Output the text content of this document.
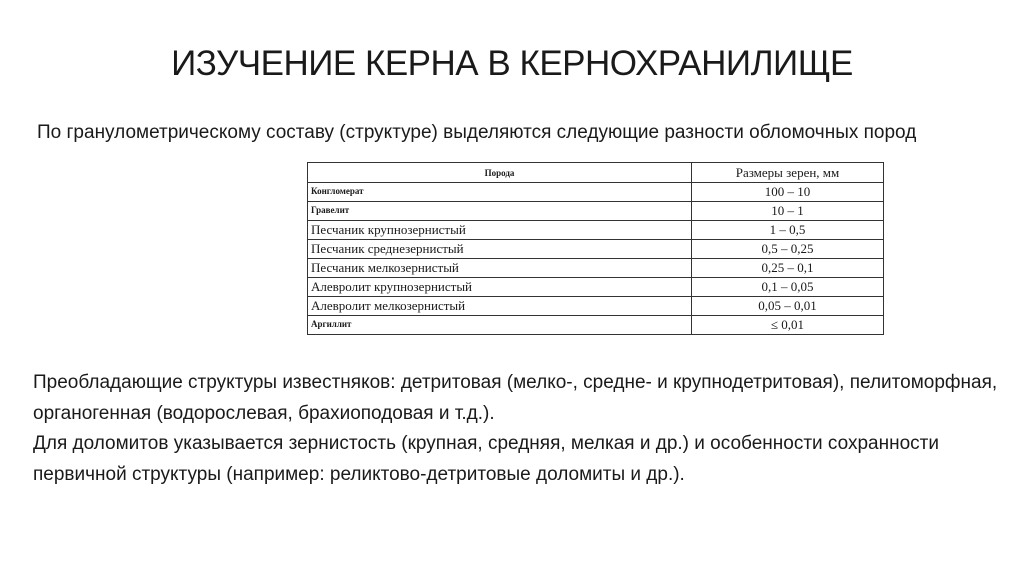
ИЗУЧЕНИЕ КЕРНА В КЕРНОХРАНИЛИЩЕ
По гранулометрическому составу (структуре) выделяются следующие разности обломочных пород
Порода	Размеры зерен, мм
Конгломерат	100 – 10
Гравелит	10 – 1
Песчаник крупнозернистый	1 – 0,5
Песчаник среднезернистый	0,5 – 0,25
Песчаник мелкозернистый	0,25 – 0,1
Алевролит крупнозернистый	0,1 – 0,05
Алевролит мелкозернистый	0,05 – 0,01
Аргиллит	≤ 0,01
Преобладающие структуры известняков: детритовая (мелко-, средне- и крупнодетритовая), пелитоморфная, органогенная (водорослевая, брахиоподовая и т.д.).
Для доломитов указывается зернистость (крупная, средняя, мелкая и др.) и особенности сохранности первичной структуры (например: реликтово-детритовые доломиты и др.).
